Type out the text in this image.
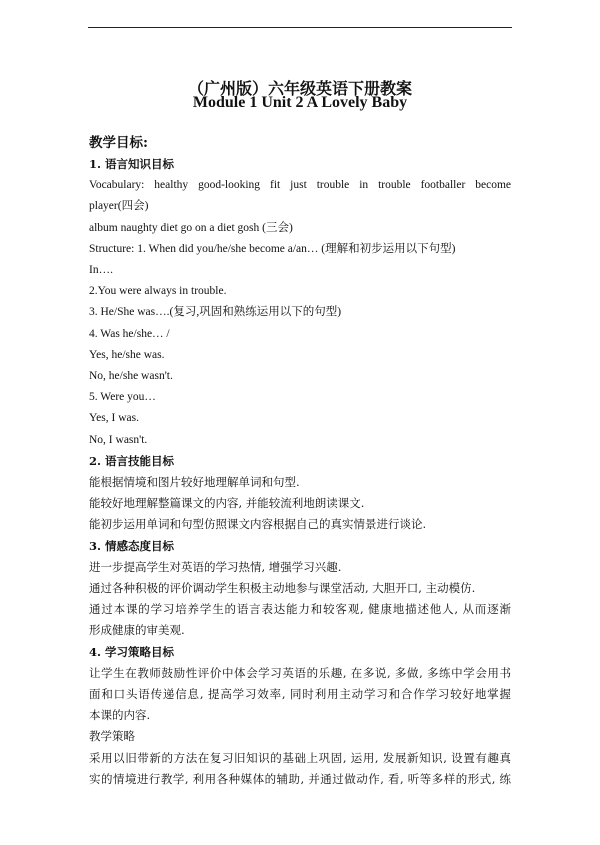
（广州版）六年级英语下册教案
Module 1 Unit 2 A Lovely Baby

教学目标:

1. 语言知识目标

Vocabulary: healthy good-looking fit just trouble in trouble footballer become

player(四会)

album naughty diet go on a diet gosh (三会)

Structure: 1. When did you/he/she become a/an… (理解和初步运用以下句型)

In….

2.You were always in trouble.

3. He/She was….(复习,巩固和熟练运用以下的句型)

4. Was he/she… /

Yes, he/she was.

No, he/she wasn't.

5. Were you…

Yes, I was.

No, I wasn't.

2. 语言技能目标

能根据情境和图片较好地理解单词和句型.

能较好地理解整篇课文的内容, 并能较流利地朗读课文.

能初步运用单词和句型仿照课文内容根据自己的真实情景进行谈论.

3. 情感态度目标

进一步提高学生对英语的学习热情, 增强学习兴趣.

通过各种积极的评价调动学生积极主动地参与课堂活动, 大胆开口, 主动模仿.

通过本课的学习培养学生的语言表达能力和较客观, 健康地描述他人, 从而逐渐

形成健康的审美观.

4. 学习策略目标

让学生在教师鼓励性评价中体会学习英语的乐趣, 在多说, 多做, 多练中学会用书

面和口头语传递信息, 提高学习效率, 同时利用主动学习和合作学习较好地掌握

本课的内容.

教学策略

采用以旧带新的方法在复习旧知识的基础上巩固, 运用, 发展新知识, 设置有趣真

实的情境进行教学, 利用各种媒体的辅助, 并通过做动作, 看, 听等多样的形式, 练
